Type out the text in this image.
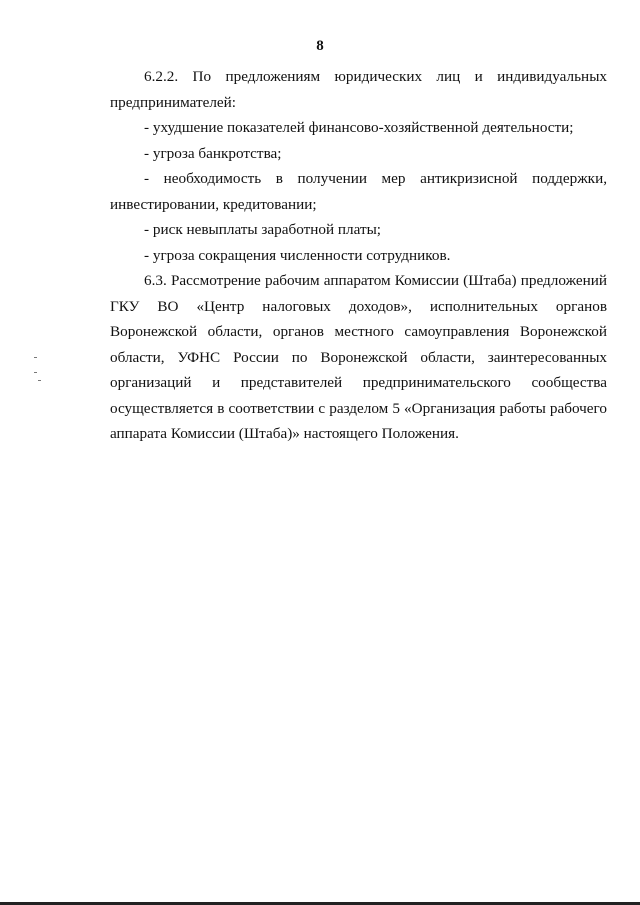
8

6.2.2. По предложениям юридических лиц и индивидуальных предпринимателей:

- ухудшение показателей финансово-хозяйственной деятельности;

- угроза банкротства;

- необходимость в получении мер антикризисной поддержки, инвестировании, кредитовании;

- риск невыплаты заработной платы;

- угроза сокращения численности сотрудников.

6.3. Рассмотрение рабочим аппаратом Комиссии (Штаба) предложений ГКУ ВО «Центр налоговых доходов», исполнительных органов Воронежской области, органов местного самоуправления Воронежской области, УФНС России по Воронежской области, заинтересованных организаций и представителей предпринимательского сообщества осуществляется в соответствии с разделом 5 «Организация работы рабочего аппарата Комиссии (Штаба)» настоящего Положения.
